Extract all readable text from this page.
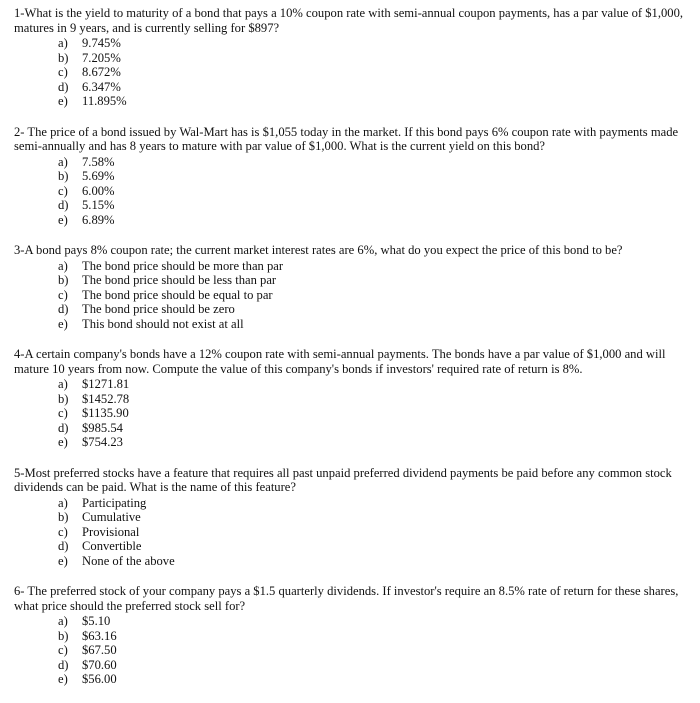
1-What is the yield to maturity of a bond that pays a 10% coupon rate with semi-annual coupon payments, has a par value of $1,000, matures in 9 years, and is currently selling for $897?

a)	9.745%
b)	7.205%
c)	8.672%
d)	6.347%
e)	11.895%

2- The price of a bond issued by Wal-Mart has is $1,055 today in the market. If this bond pays 6% coupon rate with payments made semi-annually and has 8 years to mature with par value of $1,000. What is the current yield on this bond?

a)	7.58%
b)	5.69%
c)	6.00%
d)	5.15%
e)	6.89%

3-A bond pays 8% coupon rate; the current market interest rates are 6%, what do you expect the price of this bond to be?

a)	The bond price should be more than par
b)	The bond price should be less than par
c)	The bond price should be equal to par
d)	The bond price should be zero
e)	This bond should not exist at all

4-A certain company's bonds have a 12% coupon rate with semi-annual payments. The bonds have a par value of $1,000 and will mature 10 years from now. Compute the value of this company's bonds if investors' required rate of return is 8%.

a)	$1271.81
b)	$1452.78
c)	$1135.90
d)	$985.54
e)	$754.23

5-Most preferred stocks have a feature that requires all past unpaid preferred dividend payments be paid before any common stock dividends can be paid. What is the name of this feature?

a)	Participating
b)	Cumulative
c)	Provisional
d)	Convertible
e)	None of the above

6- The preferred stock of your company pays a $1.5 quarterly dividends. If investor's require an 8.5% rate of return for these shares, what price should the preferred stock sell for?

a)	$5.10
b)	$63.16
c)	$67.50
d)	$70.60
e)	$56.00
